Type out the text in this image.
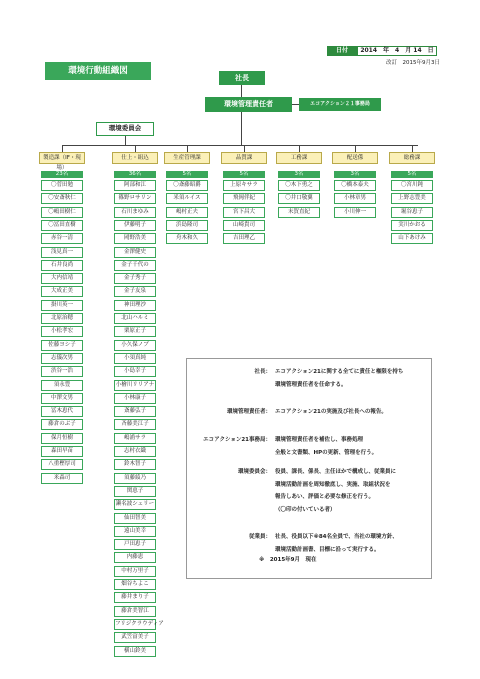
日付	2014　年　4　月 14　日
改訂　2015年9月3日
環境行動組織図
社長
環境管理責任者	エコアクション２１事務局
環境委員会
製造課（IF・現場）
23名
〇菅田勉
〇安斎秋仁
〇嶋田樹仁
〇冨田直樹
赤谷一清
浅見真一
石井良尚
大内信靖
大成正美
掛川英一
北原治穂
小松孝宏
佐藤ヨシ子
志儀次男
渋谷一浩
須永豊
中澤文男
冨木恵代
藤倉のぶ子
保月恒樹
森田早苗
八重樫厚司
米森司
仕上・組込
36名
阿部和江
篠野ロサリン
石川まゆみ
伊藤明子
岡野浩美
金澤健史
金子千代の
金子秀子
金子友泉
神田理沙
北山ハルミ
栗原正子
小久保ノブ
小須真純
小島幸子
小檜川リリアナ
小林康子
斎藤弘子
斉藤美江子
嶋浦サラ
志村衣織
鈴木智子
須藤綾乃
関恵子
瀬名波シェリー
仙田智美
遠山美幸
戸田恵子
内藤恵
中村万里子
畑谷ちよこ
藤井まり子
藤倉美智江
フリジクラウディア
武笠富美子
横山鈴美
生産管理課
5名
〇斎藤昭爵
米須ルイス
嶋村正夫
浜島隆司
舟木和久
品質課
5名
上原キサラ
飛岡伴紀
宮下昌大
山崎貴司
吉田理乙
工務課
3名
〇木下勇之
〇井口敬翼
末賀直紀
配送係
3名
〇橋本泰夫
小林章男
小川伸一
総務課
5名
〇宮川鈍
上野志豊美
堀谷恵子
実川かおる
山下あけみ
社長： エコアクション21に関する全てに責任と権限を持ち
環境管理責任者を任命する。
環境管理責任者： エコアクション21の実施及び社長への報告。
エコアクション21事務局： 環境管理責任者を補佐し、事務処理
全般と文書類、HPの更新、管理を行う。
環境委員会： 役員、課長、係長、主任ほかで構成し、従業員に
環境活動計画を周知徹底し、実施、取組状況を
報告しあい、評価と必要な修正を行う。
（〇印の付いている者）
従業員： 社長、役員以下※84名全員で、当社の環境方針、
環境活動計画書、目標に沿って実行する。
※　2015年9月　現在
